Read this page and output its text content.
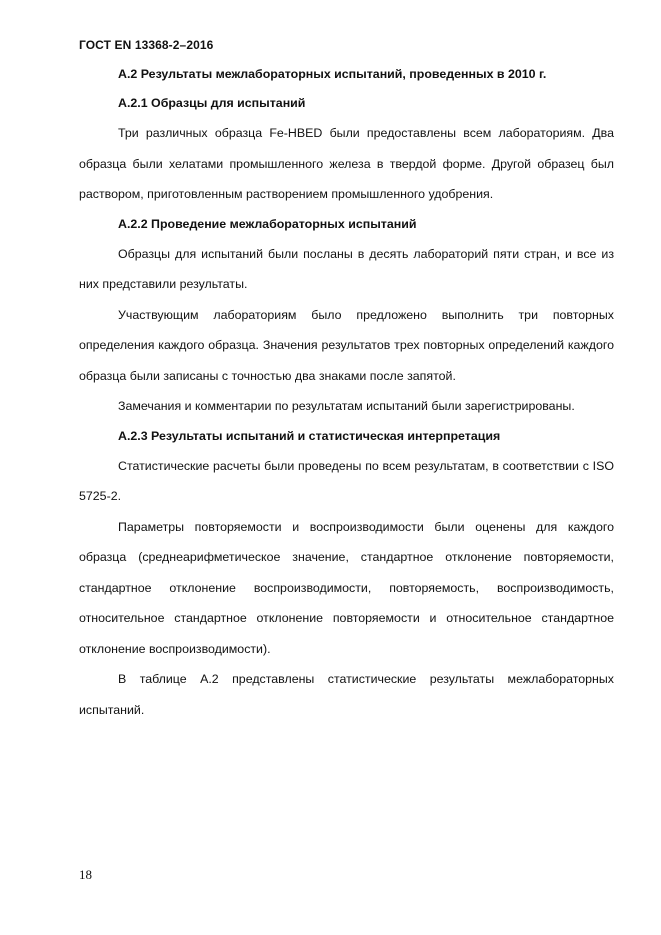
ГОСТ EN 13368-2–2016

А.2 Результаты межлабораторных испытаний, проведенных в 2010 г.

А.2.1 Образцы для испытаний

Три различных образца Fe-HBED были предоставлены всем лабораториям. Два образца были хелатами промышленного железа в твердой форме. Другой образец был раствором, приготовленным растворением промышленного удобрения.

А.2.2 Проведение межлабораторных испытаний

Образцы для испытаний были посланы в десять лабораторий пяти стран, и все из них представили результаты.

Участвующим лабораториям было предложено выполнить три повторных определения каждого образца. Значения результатов трех повторных определений каждого образца были записаны с точностью два знаками после запятой.

Замечания и комментарии по результатам испытаний были зарегистрированы.

А.2.3 Результаты испытаний и статистическая интерпретация

Статистические расчеты были проведены по всем результатам, в соответствии с ISO 5725-2.

Параметры повторяемости и воспроизводимости были оценены для каждого образца (среднеарифметическое значение, стандартное отклонение повторяемости, стандартное отклонение воспроизводимости, повторяемость, воспроизводимость, относительное стандартное отклонение повторяемости и относительное стандартное отклонение воспроизводимости).

В таблице А.2 представлены статистические результаты межлабораторных испытаний.

18
